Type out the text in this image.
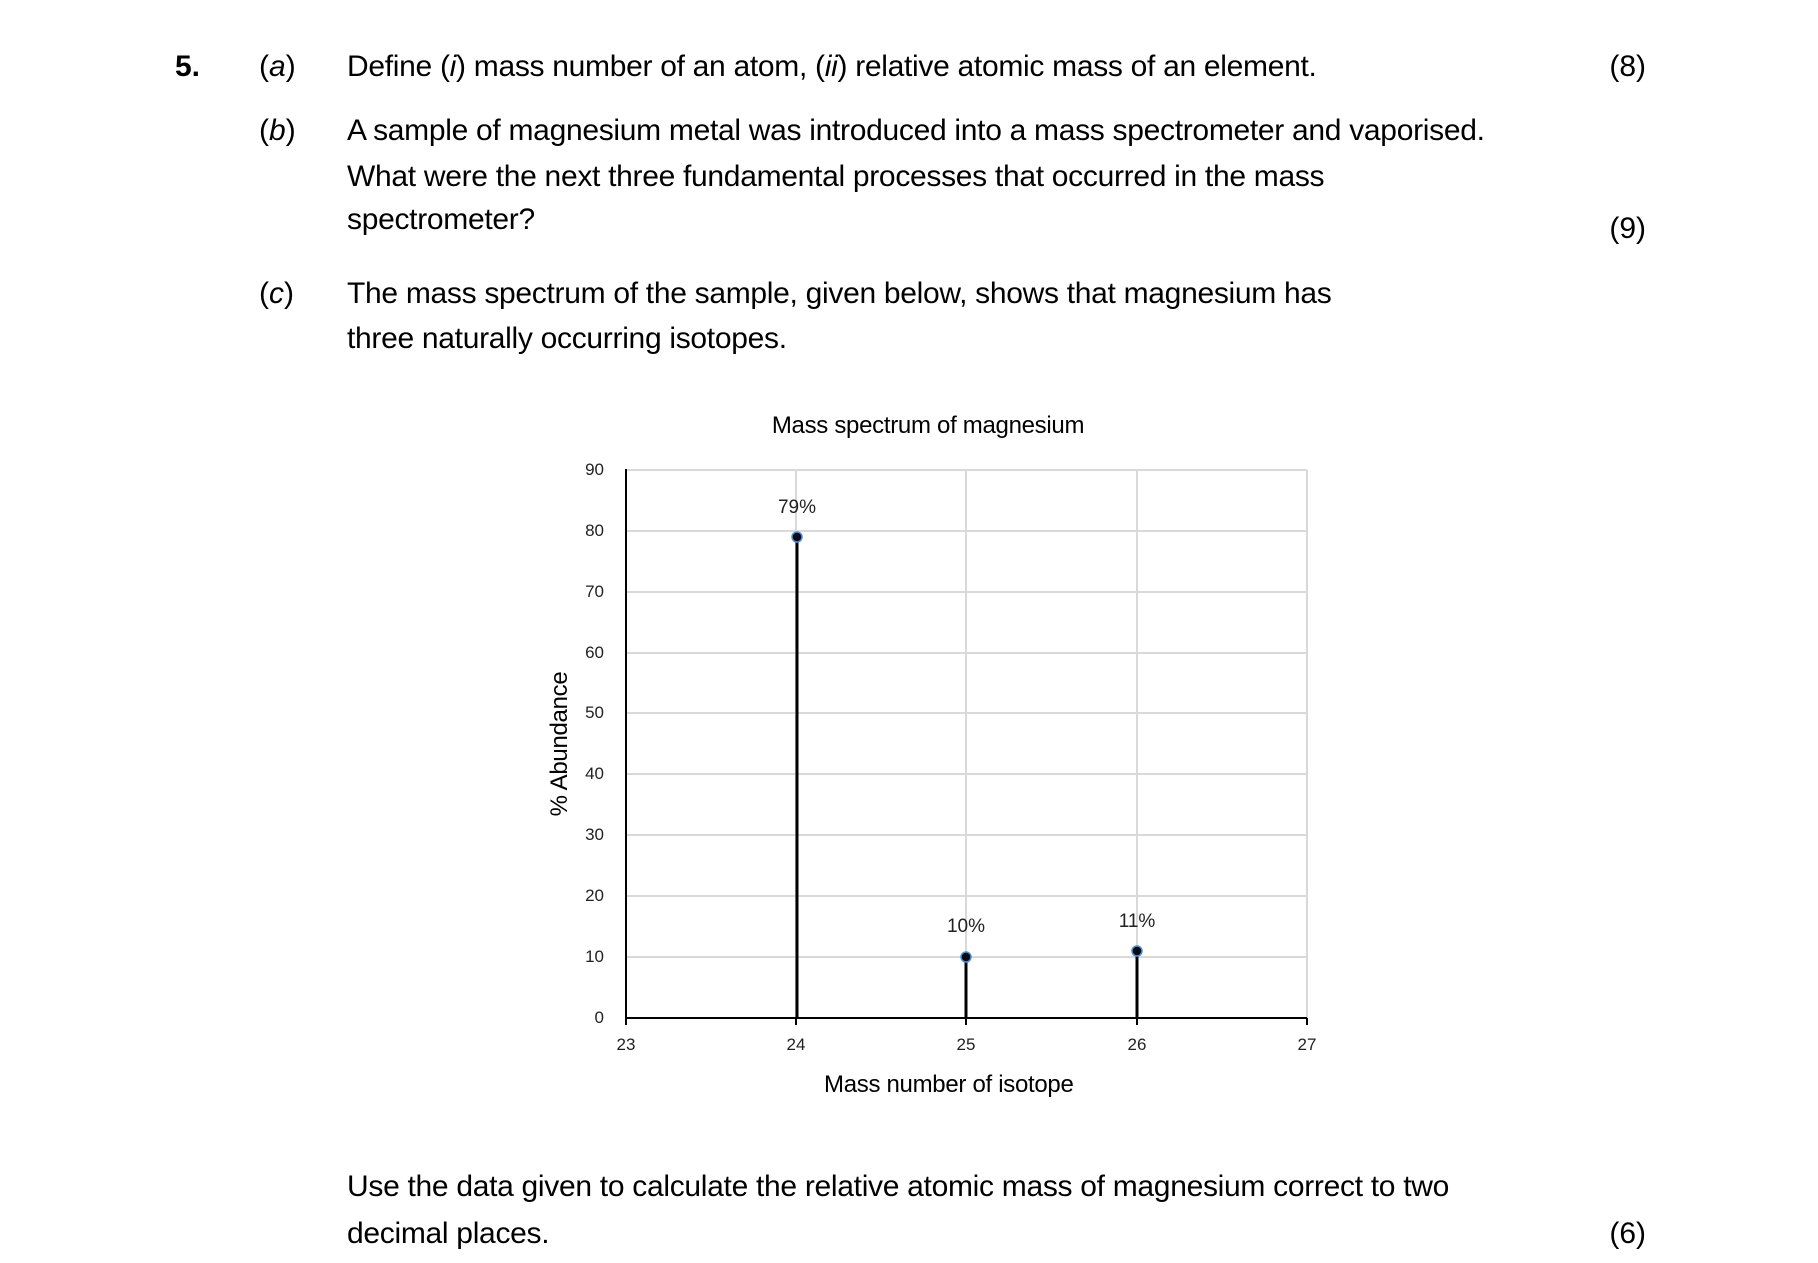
5. (a) Define (i) mass number of an atom, (ii) relative atomic mass of an element.	(8)
(b) A sample of magnesium metal was introduced into a mass spectrometer and vaporised.
What were the next three fundamental processes that occurred in the mass
spectrometer?	(9)
(c) The mass spectrum of the sample, given below, shows that magnesium has
three naturally occurring isotopes.
Mass spectrum of magnesium
79%
10%	11%
90
80
70
60
50
40
30
20
10
0
23	24	25	26	27
Mass number of isotope
% Abundance
Use the data given to calculate the relative atomic mass of magnesium correct to two
decimal places.	(6)
